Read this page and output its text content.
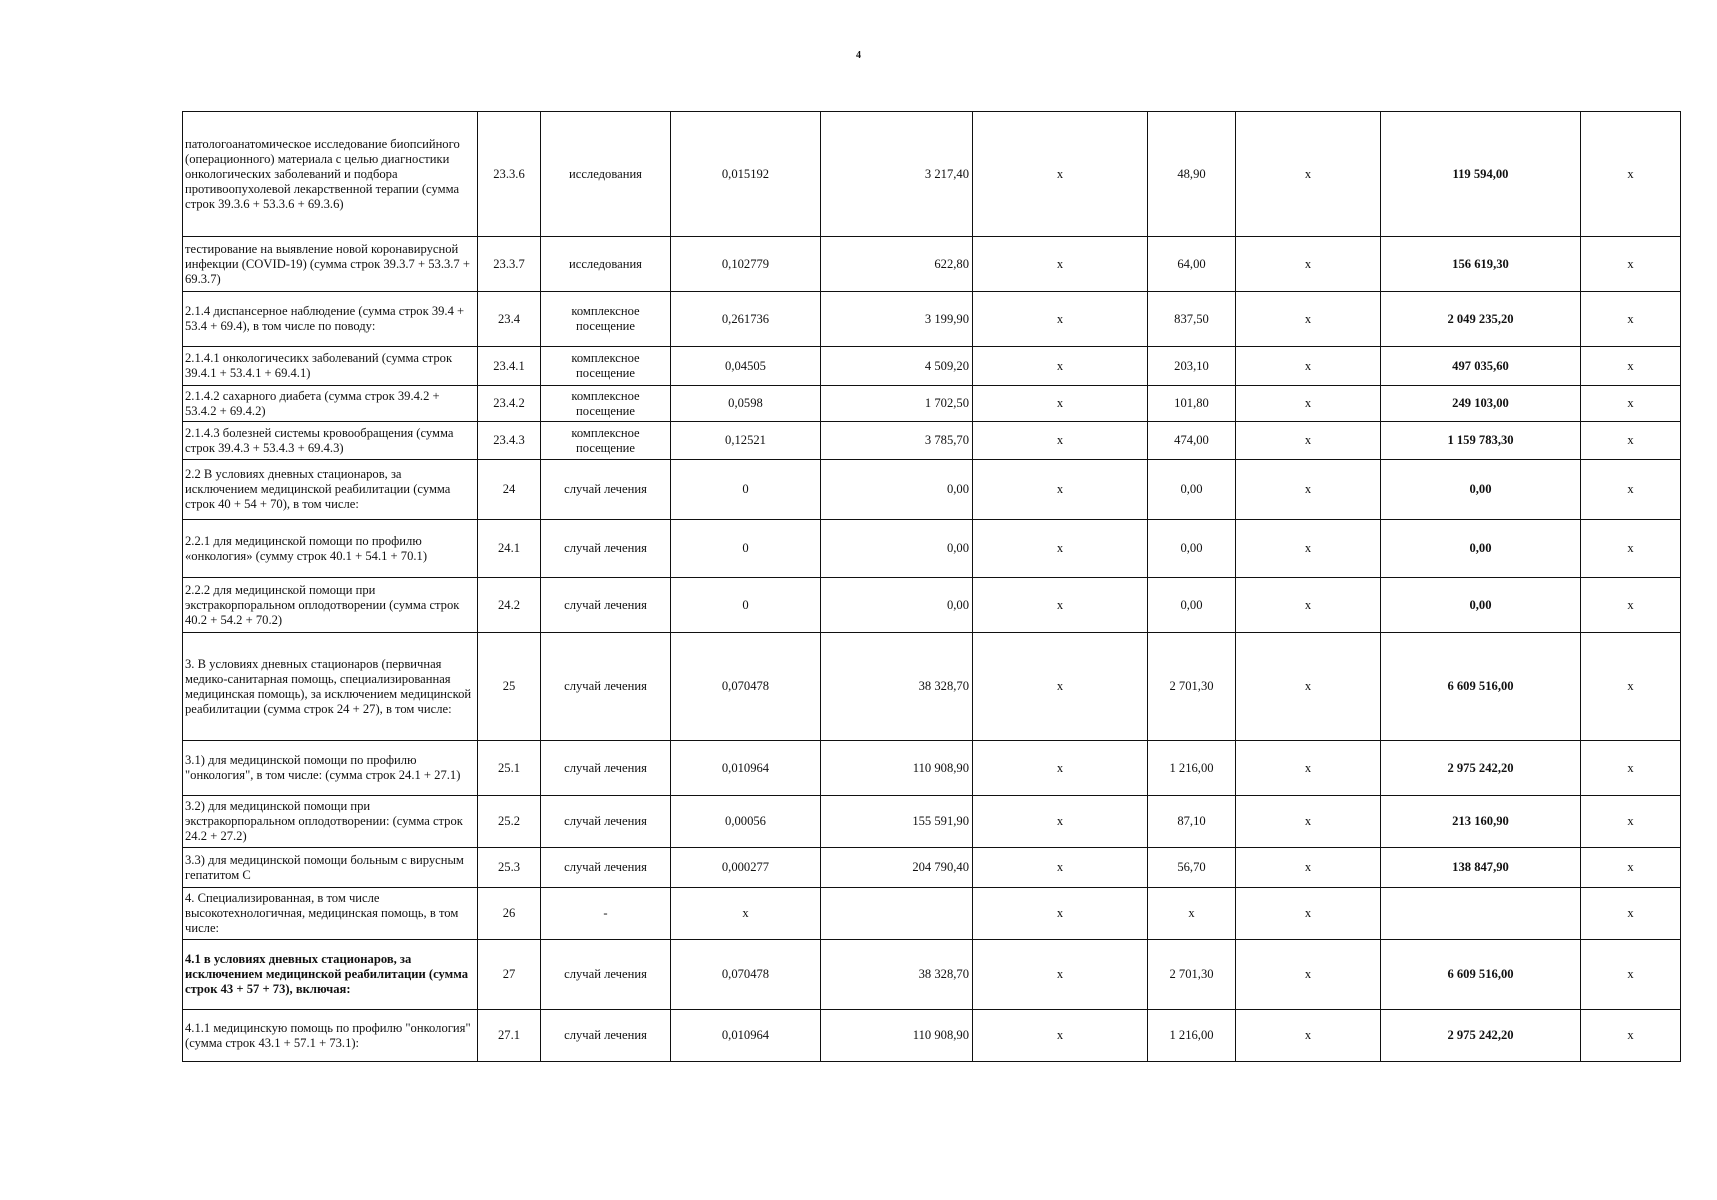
4
патологоанатомическое исследование биопсийного (операционного) материала с целью диагностики онкологических заболеваний и подбора противоопухолевой лекарственной терапии (сумма строк 39.3.6 + 53.3.6 + 69.3.6)	23.3.6	исследования	0,015192	3 217,40	х	48,90	х	119 594,00	х
тестирование на выявление новой коронавирусной инфекции (COVID-19) (сумма строк 39.3.7 + 53.3.7 + 69.3.7)	23.3.7	исследования	0,102779	622,80	х	64,00	х	156 619,30	х
2.1.4 диспансерное наблюдение (сумма строк 39.4 + 53.4 + 69.4), в том числе по поводу:	23.4	комплексное посещение	0,261736	3 199,90	х	837,50	х	2 049 235,20	х
2.1.4.1 онкологичесикх заболеваний (сумма строк 39.4.1 + 53.4.1 + 69.4.1)	23.4.1	комплексное посещение	0,04505	4 509,20	х	203,10	х	497 035,60	х
2.1.4.2 сахарного диабета (сумма строк 39.4.2 + 53.4.2 + 69.4.2)	23.4.2	комплексное посещение	0,0598	1 702,50	х	101,80	х	249 103,00	х
2.1.4.3 болезней системы кровообращения (сумма строк 39.4.3 + 53.4.3 + 69.4.3)	23.4.3	комплексное посещение	0,12521	3 785,70	х	474,00	х	1 159 783,30	х
2.2 В условиях дневных стационаров, за исключением медицинской реабилитации (сумма строк 40 + 54 + 70), в том числе:	24	случай лечения	0	0,00	х	0,00	х	0,00	х
2.2.1 для медицинской помощи по профилю «онкология» (сумму строк 40.1 + 54.1 + 70.1)	24.1	случай лечения	0	0,00	х	0,00	х	0,00	х
2.2.2 для медицинской помощи при экстракорпоральном оплодотворении (сумма строк 40.2 + 54.2 + 70.2)	24.2	случай лечения	0	0,00	х	0,00	х	0,00	х
3. В условиях дневных стационаров (первичная медико-санитарная помощь, специализированная медицинская помощь), за исключением медицинской реабилитации (сумма строк 24 + 27), в том числе:	25	случай лечения	0,070478	38 328,70	х	2 701,30	х	6 609 516,00	х
3.1) для медицинской помощи по профилю "онкология", в том числе: (сумма строк 24.1 + 27.1)	25.1	случай лечения	0,010964	110 908,90	х	1 216,00	х	2 975 242,20	х
3.2) для медицинской помощи при экстракорпоральном оплодотворении: (сумма строк 24.2 + 27.2)	25.2	случай лечения	0,00056	155 591,90	х	87,10	х	213 160,90	х
3.3) для медицинской помощи больным с вирусным гепатитом С	25.3	случай лечения	0,000277	204 790,40	х	56,70	х	138 847,90	х
4. Специализированная, в том числе высокотехнологичная, медицинская помощь, в том числе:	26	-	х		х	х	х		х
4.1 в условиях дневных стационаров, за исключением медицинской реабилитации (сумма строк 43 + 57 + 73), включая:	27	случай лечения	0,070478	38 328,70	х	2 701,30	х	6 609 516,00	х
4.1.1 медицинскую помощь по профилю "онкология" (сумма строк 43.1 + 57.1 + 73.1):	27.1	случай лечения	0,010964	110 908,90	х	1 216,00	х	2 975 242,20	х
